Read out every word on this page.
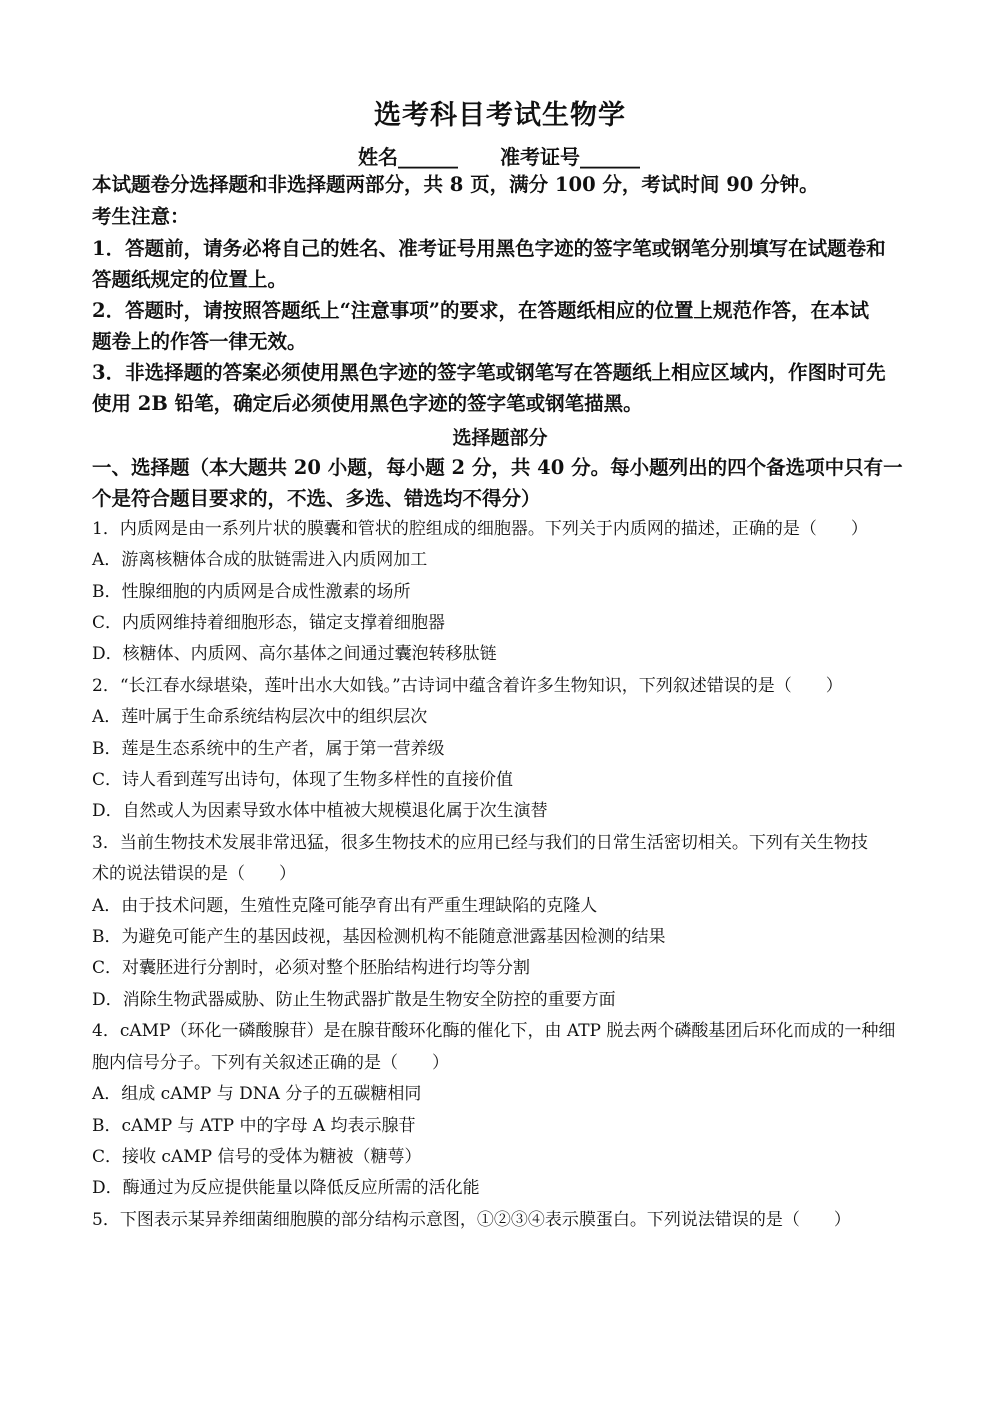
选考科目考试生物学
姓名______ 准考证号______
本试题卷分选择题和非选择题两部分，共 8 页，满分 100 分，考试时间 90 分钟。
考生注意：
1．答题前，请务必将自己的姓名、准考证号用黑色字迹的签字笔或钢笔分别填写在试题卷和
答题纸规定的位置上。
2．答题时，请按照答题纸上“注意事项”的要求，在答题纸相应的位置上规范作答，在本试
题卷上的作答一律无效。
3．非选择题的答案必须使用黑色字迹的签字笔或钢笔写在答题纸上相应区域内，作图时可先
使用 2B 铅笔，确定后必须使用黑色字迹的签字笔或钢笔描黑。
选择题部分
一、选择题（本大题共 20 小题，每小题 2 分，共 40 分。每小题列出的四个备选项中只有一
个是符合题目要求的，不选、多选、错选均不得分）
1．内质网是由一系列片状的膜囊和管状的腔组成的细胞器。下列关于内质网的描述，正确的是（　　）
A．游离核糖体合成的肽链需进入内质网加工
B．性腺细胞的内质网是合成性激素的场所
C．内质网维持着细胞形态，锚定支撑着细胞器
D．核糖体、内质网、高尔基体之间通过囊泡转移肽链
2．“长江春水绿堪染，莲叶出水大如钱。”古诗词中蕴含着许多生物知识，下列叙述错误的是（　　）
A．莲叶属于生命系统结构层次中的组织层次
B．莲是生态系统中的生产者，属于第一营养级
C．诗人看到莲写出诗句，体现了生物多样性的直接价值
D．自然或人为因素导致水体中植被大规模退化属于次生演替
3．当前生物技术发展非常迅猛，很多生物技术的应用已经与我们的日常生活密切相关。下列有关生物技
术的说法错误的是（　　）
A．由于技术问题，生殖性克隆可能孕育出有严重生理缺陷的克隆人
B．为避免可能产生的基因歧视，基因检测机构不能随意泄露基因检测的结果
C．对囊胚进行分割时，必须对整个胚胎结构进行均等分割
D．消除生物武器威胁、防止生物武器扩散是生物安全防控的重要方面
4．cAMP（环化一磷酸腺苷）是在腺苷酸环化酶的催化下，由 ATP 脱去两个磷酸基团后环化而成的一种细
胞内信号分子。下列有关叙述正确的是（　　）
A．组成 cAMP 与 DNA 分子的五碳糖相同
B．cAMP 与 ATP 中的字母 A 均表示腺苷
C．接收 cAMP 信号的受体为糖被（糖萼）
D．酶通过为反应提供能量以降低反应所需的活化能
5．下图表示某异养细菌细胞膜的部分结构示意图，①②③④表示膜蛋白。下列说法错误的是（　　）
